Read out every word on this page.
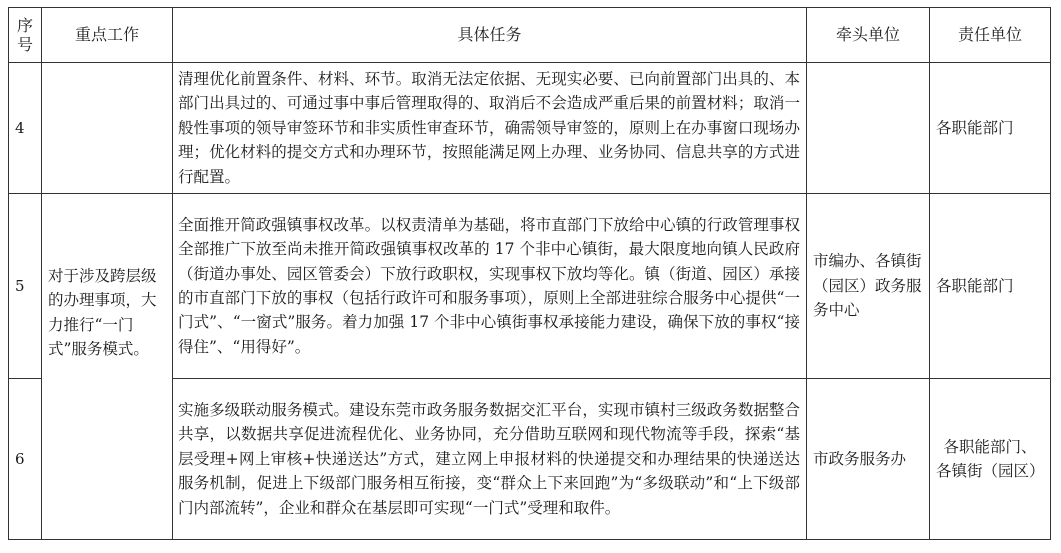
序
号	重点工作	具体任务	牵头单位	责任单位
4		清理优化前置条件、材料、环节。取消无法定依据、无现实必要、已向前置部门出具的、本部门出具过的、可通过事中事后管理取得的、取消后不会造成严重后果的前置材料；取消一般性事项的领导审签环节和非实质性审查环节，确需领导审签的，原则上在办事窗口现场办理；优化材料的提交方式和办理环节，按照能满足网上办理、业务协同、信息共享的方式进行配置。		各职能部门
5	对于涉及跨层级的办理事项，大力推行“一门式”服务模式。	全面推开简政强镇事权改革。以权责清单为基础，将市直部门下放给中心镇的行政管理事权全部推广下放至尚未推开简政强镇事权改革的 17 个非中心镇街，最大限度地向镇人民政府（街道办事处、园区管委会）下放行政职权，实现事权下放均等化。镇（街道、园区）承接的市直部门下放的事权（包括行政许可和服务事项），原则上全部进驻综合服务中心提供“一门式”、“一窗式”服务。着力加强 17 个非中心镇街事权承接能力建设，确保下放的事权“接得住”、“用得好”。	市编办、各镇街（园区）政务服务中心	各职能部门
6		实施多级联动服务模式。建设东莞市政务服务数据交汇平台，实现市镇村三级政务数据整合共享，以数据共享促进流程优化、业务协同，充分借助互联网和现代物流等手段，探索“基层受理+网上审核+快递送达”方式，建立网上申报材料的快递提交和办理结果的快递送达服务机制，促进上下级部门服务相互衔接，变“群众上下来回跑”为“多级联动”和“上下级部门内部流转”，企业和群众在基层即可实现“一门式”受理和取件。	市政务服务办	各职能部门、各镇街（园区）
